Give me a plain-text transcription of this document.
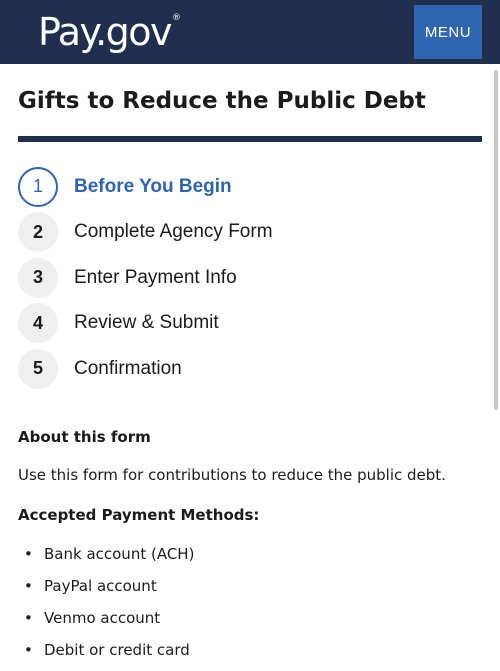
Pay.gov ®
MENU
Gifts to Reduce the Public Debt
1	Before You Begin
2	Complete Agency Form
3	Enter Payment Info
4	Review & Submit
5	Confirmation
About this form

Use this form for contributions to reduce the public debt.

Accepted Payment Methods:
• Bank account (ACH)
• PayPal account
• Venmo account
• Debit or credit card
